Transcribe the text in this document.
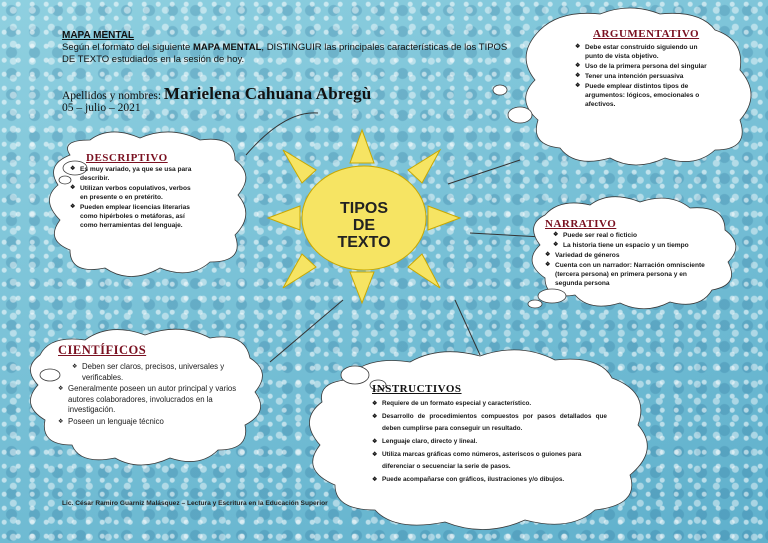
MAPA MENTAL
Según el formato del siguiente MAPA MENTAL, DISTINGUIR las principales características de los TIPOS DE TEXTO estudiados en la sesión de hoy.
Apellidos y nombres: Marielena Cahuana Abregù
05 – julio – 2021
TIPOS
DE
TEXTO
DESCRIPTIVO
❖ Es muy variado, ya que se usa para describir.
❖ Utilizan verbos copulativos, verbos en presente o en pretérito.
❖ Pueden emplear licencias literarias como hipérboles o metáforas, así como herramientas del lenguaje.
ARGUMENTATIVO
❖ Debe estar construido siguiendo un punto de vista objetivo.
❖ Uso de la primera persona del singular
❖ Tener una intención persuasiva
❖ Puede emplear distintos tipos de argumentos: lógicos, emocionales o afectivos.
NARRATIVO
❖ Puede ser real o ficticio
❖ La historia tiene un espacio y un tiempo
❖ Variedad de géneros
❖ Cuenta con un narrador: Narración omnisciente (tercera persona) en primera persona y en segunda persona
CIENTÍFICOS
❖ Deben ser claros, precisos, universales y verificables.
❖ Generalmente poseen un autor principal y varios autores colaboradores, involucrados en la investigación.
❖ Poseen un lenguaje técnico
INSTRUCTIVOS
❖ Requiere de un formato especial y característico.
❖ Desarrollo de procedimientos compuestos por pasos detallados que deben cumplirse para conseguir un resultado.
❖ Lenguaje claro, directo y lineal.
❖ Utiliza marcas gráficas como números, asteriscos o guiones para diferenciar o secuenciar la serie de pasos.
❖ Puede acompañarse con gráficos, ilustraciones y/o dibujos.
Lic. César Ramiro Guarniz Malásquez – Lectura y Escritura en la Educación Superior
